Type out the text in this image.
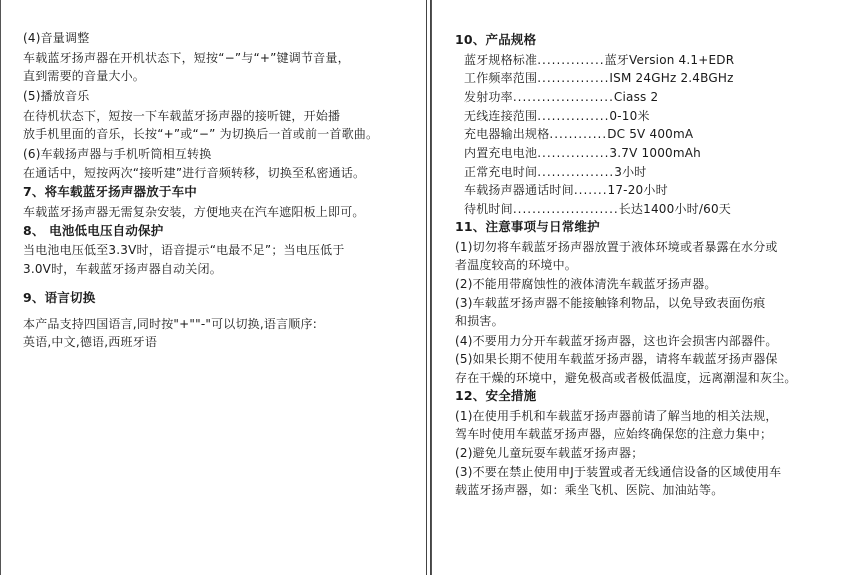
(4)音量调整
车载蓝牙扬声器在开机状态下，短按“−”与“+”键调节音量，
直到需要的音量大小。
(5)播放音乐
在待机状态下，短按一下车载蓝牙扬声器的接听键，开始播
放手机里面的音乐，长按“+”或“−” 为切换后一首或前一首歌曲。
(6)车载扬声器与手机听筒相互转换
在通话中，短按两次“接听建”进行音频转移，切换至私密通话。
7、将车载蓝牙扬声器放于车中
车载蓝牙扬声器无需复杂安装，方便地夹在汽车遮阳板上即可。
8、 电池低电压自动保护
当电池电压低至3.3V时，语音提示“电最不足”；当电压低于
3.0V时，车载蓝牙扬声器自动关闭。
9、语言切换
本产品支持四国语言,同时按"+""-"可以切换,语言顺序:
英语,中文,德语,西班牙语
10、产品规格
蓝牙规格标准..............蓝牙Version 4.1+EDR
工作频率范围...............ISM 24GHz 2.4BGHz
发射功率.....................Ciass 2
无线连接范围...............0-10米
充电器输出规格............DC 5V 400mA
内置充电电池...............3.7V 1000mAh
正常充电时间................3小时
车载扬声器通话时间.......17-20小时
待机时间......................长达1400小时/60天
11、注意事项与日常维护
(1)切勿将车载蓝牙扬声器放置于液体环境或者暴露在水分或
者温度较高的环境中。
(2)不能用带腐蚀性的液体清洗车载蓝牙扬声器。
(3)车载蓝牙扬声器不能接触锋利物品，以免导致表面伤痕
和损害。
(4)不要用力分开车载蓝牙扬声器，这也许会损害内部器件。
(5)如果长期不使用车载蓝牙扬声器，请将车载蓝牙扬声器保
存在干燥的环境中，避免极高或者极低温度，远离潮湿和灰尘。
12、安全措施
(1)在使用手机和车载蓝牙扬声器前请了解当地的相关法规，
驾车时使用车载蓝牙扬声器，应始终确保您的注意力集中；
(2)避免儿童玩耍车载蓝牙扬声器；
(3)不要在禁止使用申J于装置或者无线通信设备的区域使用车
载蓝牙扬声器，如：乘坐飞机、医院、加油站等。
